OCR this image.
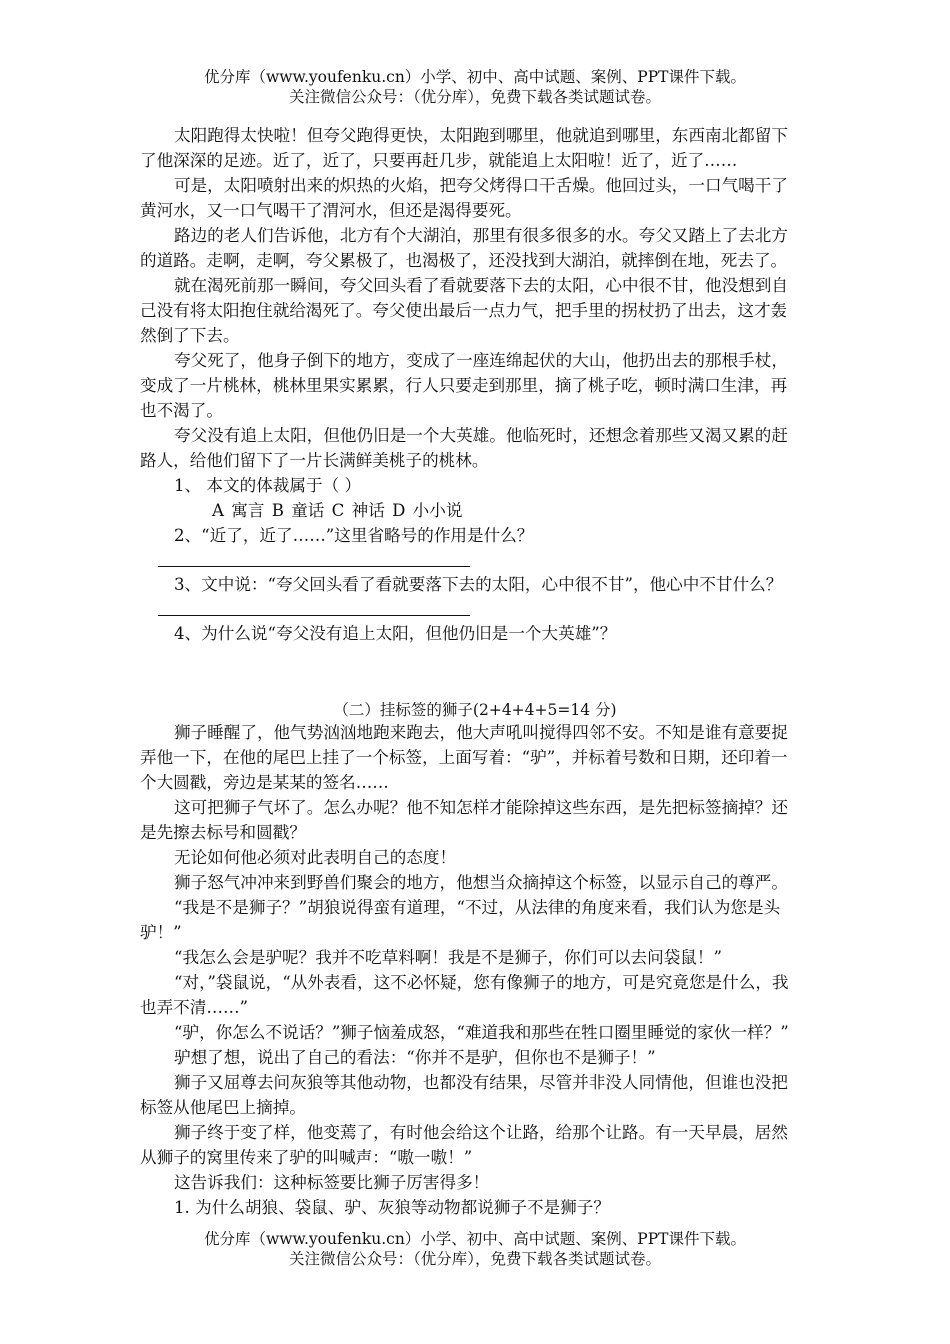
优分库（www.youfenku.cn）小学、初中、高中试题、案例、PPT课件下载。
关注微信公众号：（优分库），免费下载各类试题试卷。
太阳跑得太快啦！但夸父跑得更快，太阳跑到哪里，他就追到哪里，东西南北都留下
了他深深的足迹。近了，近了，只要再赶几步，就能追上太阳啦！近了，近了……
可是，太阳喷射出来的炽热的火焰，把夸父烤得口干舌燥。他回过头，一口气喝干了
黄河水，又一口气喝干了渭河水，但还是渴得要死。
路边的老人们告诉他，北方有个大湖泊，那里有很多很多的水。夸父又踏上了去北方
的道路。走啊，走啊，夸父累极了，也渴极了，还没找到大湖泊，就摔倒在地，死去了。
就在渴死前那一瞬间，夸父回头看了看就要落下去的太阳，心中很不甘，他没想到自
己没有将太阳抱住就给渴死了。夸父使出最后一点力气，把手里的拐杖扔了出去，这才轰
然倒了下去。
夸父死了，他身子倒下的地方，变成了一座连绵起伏的大山，他扔出去的那根手杖，
变成了一片桃林，桃林里果实累累，行人只要走到那里，摘了桃子吃，顿时满口生津，再
也不渴了。
夸父没有追上太阳，但他仍旧是一个大英雄。他临死时，还想念着那些又渴又累的赶
路人，给他们留下了一片长满鲜美桃子的桃林。
1、 本文的体裁属于（ ）
A 寓言 B 童话 C 神话 D 小小说
2、“近了，近了……”这里省略号的作用是什么？
3、文中说：“夸父回头看了看就要落下去的太阳，心中很不甘”，他心中不甘什么？
4、为什么说“夸父没有追上太阳，但他仍旧是一个大英雄”？
（二）挂标签的狮子(2+4+4+5=14 分)
狮子睡醒了，他气势汹汹地跑来跑去，他大声吼叫搅得四邻不安。不知是谁有意要捉
弄他一下，在他的尾巴上挂了一个标签，上面写着：“驴”，并标着号数和日期，还印着一
个大圆戳，旁边是某某的签名……
这可把狮子气坏了。怎么办呢？他不知怎样才能除掉这些东西，是先把标签摘掉？还
是先擦去标号和圆戳？
无论如何他必须对此表明自己的态度！
狮子怒气冲冲来到野兽们聚会的地方，他想当众摘掉这个标签，以显示自己的尊严。
“我是不是狮子？”胡狼说得蛮有道理，“不过，从法律的角度来看，我们认为您是头
驴！”
“我怎么会是驴呢？我并不吃草料啊！我是不是狮子，你们可以去问袋鼠！”
“对，”袋鼠说，“从外表看，这不必怀疑，您有像狮子的地方，可是究竟您是什么，我
也弄不清……”
“驴，你怎么不说话？”狮子恼羞成怒，“难道我和那些在牲口圈里睡觉的家伙一样？”
驴想了想，说出了自己的看法：“你并不是驴，但你也不是狮子！”
狮子又屈尊去问灰狼等其他动物，也都没有结果，尽管并非没人同情他，但谁也没把
标签从他尾巴上摘掉。
狮子终于变了样，他变蔫了，有时他会给这个让路，给那个让路。有一天早晨，居然
从狮子的窝里传来了驴的叫喊声：“嗷一嗷！”
这告诉我们：这种标签要比狮子厉害得多！
1. 为什么胡狼、袋鼠、驴、灰狼等动物都说狮子不是狮子？
优分库（www.youfenku.cn）小学、初中、高中试题、案例、PPT课件下载。
关注微信公众号：（优分库），免费下载各类试题试卷。
